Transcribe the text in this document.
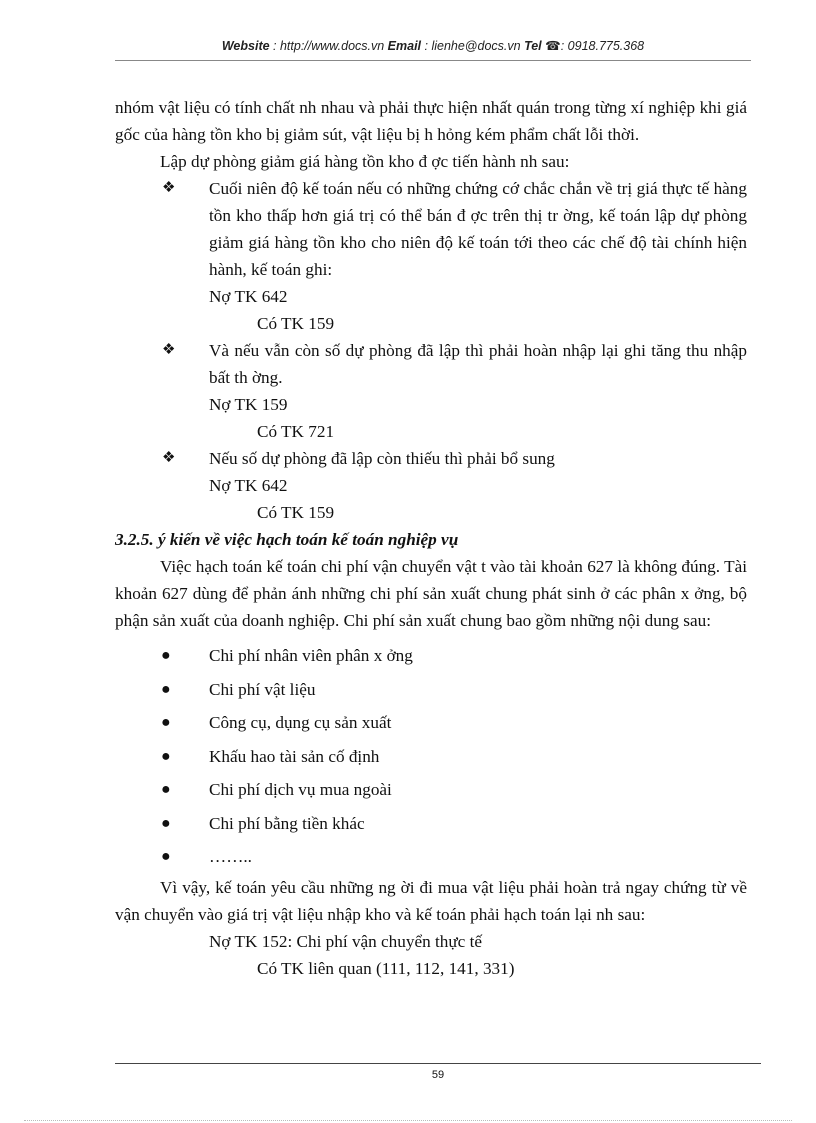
Website : http://www.docs.vn Email : lienhe@docs.vn Tel ☎: 0918.775.368

nhóm vật liệu có tính chất nh nhau và phải thực hiện nhất quán trong từng xí nghiệp khi giá gốc của hàng tồn kho bị giảm sút, vật liệu bị h hỏng kém phẩm chất lỗi thời.

Lập dự phòng giảm giá hàng tồn kho đ ợc tiến hành nh sau:

❖ Cuối niên độ kế toán nếu có những chứng cớ chắc chắn về trị giá thực tế hàng tồn kho thấp hơn giá trị có thể bán đ ợc trên thị tr ờng, kế toán lập dự phòng giảm giá hàng tồn kho cho niên độ kế toán tới theo các chế độ tài chính hiện hành, kế toán ghi:
Nợ TK 642
Có TK 159
❖ Và nếu vẫn còn số dự phòng đã lập thì phải hoàn nhập lại ghi tăng thu nhập bất th ờng.
Nợ TK 159
Có TK 721
❖ Nếu số dự phòng đã lập còn thiếu thì phải bổ sung
Nợ TK 642
Có TK 159

3.2.5. ý kiến về việc hạch toán kế toán nghiệp vụ

Việc hạch toán kế toán chi phí vận chuyển vật t vào tài khoản 627 là không đúng. Tài khoản 627 dùng để phản ánh những chi phí sản xuất chung phát sinh ở các phân x ởng, bộ phận sản xuất của doanh nghiệp. Chi phí sản xuất chung bao gồm những nội dung sau:

● Chi phí nhân viên phân x ởng
● Chi phí vật liệu
● Công cụ, dụng cụ sản xuất
● Khấu hao tài sản cố định
● Chi phí dịch vụ mua ngoài
● Chi phí bằng tiền khác
● ……..

Vì vậy, kế toán yêu cầu những ng ời đi mua vật liệu phải hoàn trả ngay chứng từ về vận chuyển vào giá trị vật liệu nhập kho và kế toán phải hạch toán lại nh sau:

Nợ TK 152: Chi phí vận chuyển thực tế
Có TK liên quan (111, 112, 141, 331)
59
